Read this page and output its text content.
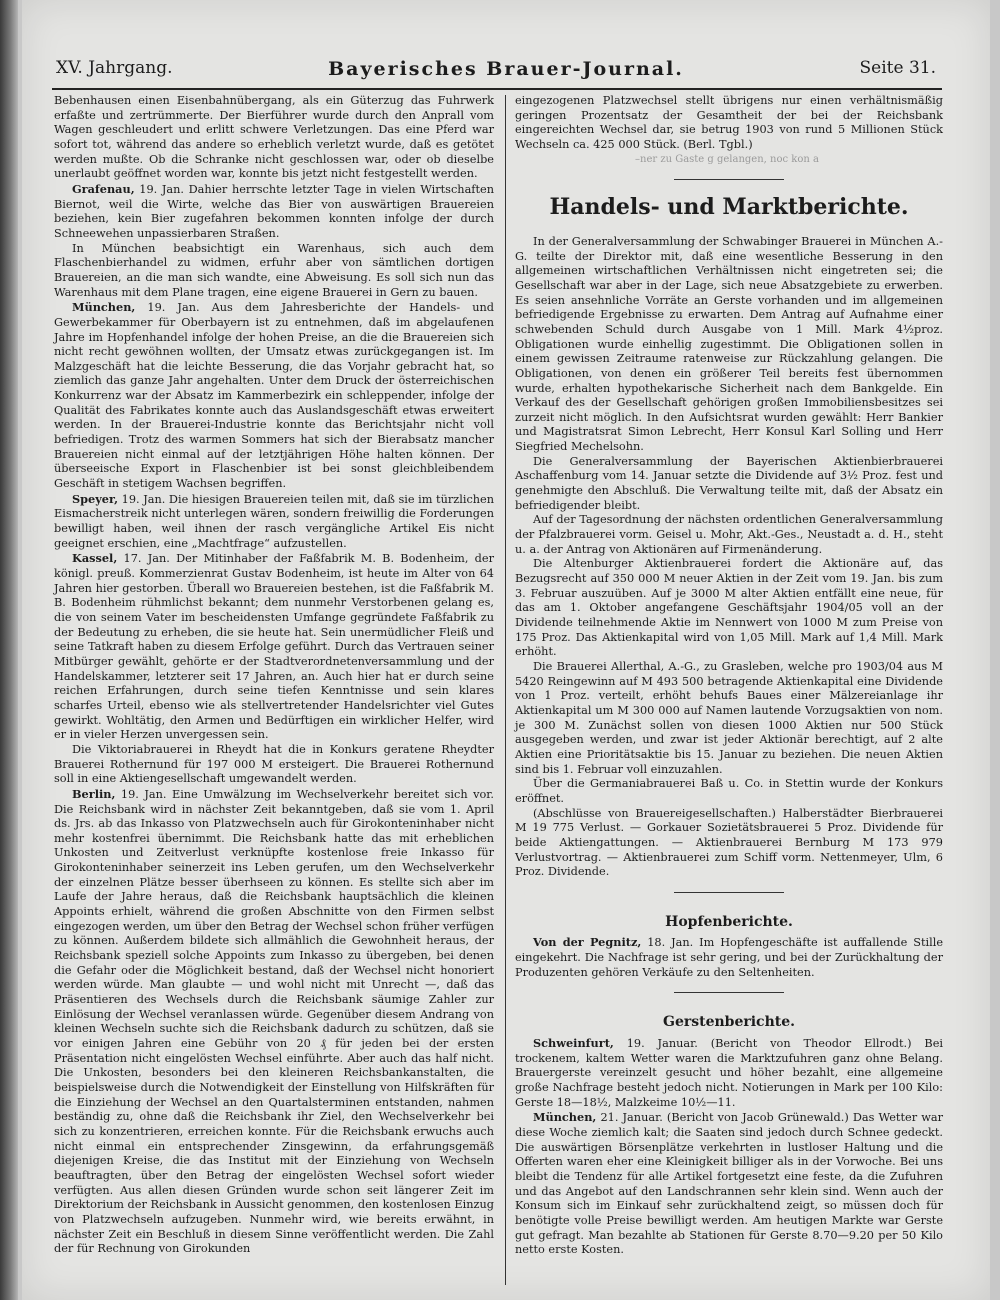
XV. Jahrgang.	Bayerisches Brauer-Journal.	Seite 31.

Bebenhausen einen Eisenbahnübergang, als ein Güterzug das Fuhrwerk erfaßte und zertrümmerte. Der Bierführer wurde durch den Anprall vom Wagen geschleudert und erlitt schwere Verletzungen. Das eine Pferd war sofort tot, während das andere so erheblich verletzt wurde, daß es getötet werden mußte. Ob die Schranke nicht geschlossen war, oder ob dieselbe unerlaubt geöffnet worden war, konnte bis jetzt nicht festgestellt werden.

Grafenau, 19. Jan. Dahier herrschte letzter Tage in vielen Wirtschaften Biernot, weil die Wirte, welche das Bier von auswärtigen Brauereien beziehen, kein Bier zugefahren bekommen konnten infolge der durch Schneewehen unpassierbaren Straßen.

In München beabsichtigt ein Warenhaus, sich auch dem Flaschenbierhandel zu widmen, erfuhr aber von sämtlichen dortigen Brauereien, an die man sich wandte, eine Abweisung. Es soll sich nun das Warenhaus mit dem Plane tragen, eine eigene Brauerei in Gern zu bauen.

München, 19. Jan. Aus dem Jahresberichte der Handels- und Gewerbekammer für Oberbayern ist zu entnehmen, daß im abgelaufenen Jahre im Hopfenhandel infolge der hohen Preise, an die die Brauereien sich nicht recht gewöhnen wollten, der Umsatz etwas zurückgegangen ist. Im Malzgeschäft hat die leichte Besserung, die das Vorjahr gebracht hat, so ziemlich das ganze Jahr angehalten. Unter dem Druck der österreichischen Konkurrenz war der Absatz im Kammerbezirk ein schleppender, infolge der Qualität des Fabrikates konnte auch das Auslandsgeschäft etwas erweitert werden. In der Brauerei-Industrie konnte das Berichtsjahr nicht voll befriedigen. Trotz des warmen Sommers hat sich der Bierabsatz mancher Brauereien nicht einmal auf der letztjährigen Höhe halten können. Der überseeische Export in Flaschenbier ist bei sonst gleichbleibendem Geschäft in stetigem Wachsen begriffen.

Speyer, 19. Jan. Die hiesigen Brauereien teilen mit, daß sie im türzlichen Eismacherstreik nicht unterlegen wären, sondern freiwillig die Forderungen bewilligt haben, weil ihnen der rasch vergängliche Artikel Eis nicht geeignet erschien, eine „Machtfrage“ aufzustellen.

Kassel, 17. Jan. Der Mitinhaber der Faßfabrik M. B. Bodenheim, der königl. preuß. Kommerzienrat Gustav Bodenheim, ist heute im Alter von 64 Jahren hier gestorben. Überall wo Brauereien bestehen, ist die Faßfabrik M. B. Bodenheim rühmlichst bekannt; dem nunmehr Verstorbenen gelang es, die von seinem Vater im bescheidensten Umfange gegründete Faßfabrik zu der Bedeutung zu erheben, die sie heute hat. Sein unermüdlicher Fleiß und seine Tatkraft haben zu diesem Erfolge geführt. Durch das Vertrauen seiner Mitbürger gewählt, gehörte er der Stadtverordnetenversammlung und der Handelskammer, letzterer seit 17 Jahren, an. Auch hier hat er durch seine reichen Erfahrungen, durch seine tiefen Kenntnisse und sein klares scharfes Urteil, ebenso wie als stellvertretender Handelsrichter viel Gutes gewirkt. Wohltätig, den Armen und Bedürftigen ein wirklicher Helfer, wird er in vieler Herzen unvergessen sein.

Die Viktoriabrauerei in Rheydt hat die in Konkurs geratene Rheydter Brauerei Rothernund für 197 000 M ersteigert. Die Brauerei Rothernund soll in eine Aktiengesellschaft umgewandelt werden.

Berlin, 19. Jan. Eine Umwälzung im Wechselverkehr bereitet sich vor. Die Reichsbank wird in nächster Zeit bekanntgeben, daß sie vom 1. April ds. Jrs. ab das Inkasso von Platzwechseln auch für Girokonteninhaber nicht mehr kostenfrei übernimmt. Die Reichsbank hatte das mit erheblichen Unkosten und Zeitverlust verknüpfte kostenlose freie Inkasso für Girokonteninhaber seinerzeit ins Leben gerufen, um den Wechselverkehr der einzelnen Plätze besser überhseen zu können. Es stellte sich aber im Laufe der Jahre heraus, daß die Reichsbank hauptsächlich die kleinen Appoints erhielt, während die großen Abschnitte von den Firmen selbst eingezogen werden, um über den Betrag der Wechsel schon früher verfügen zu können. Außerdem bildete sich allmählich die Gewohnheit heraus, der Reichsbank speziell solche Appoints zum Inkasso zu übergeben, bei denen die Gefahr oder die Möglichkeit bestand, daß der Wechsel nicht honoriert werden würde. Man glaubte — und wohl nicht mit Unrecht —, daß das Präsentieren des Wechsels durch die Reichsbank säumige Zahler zur Einlösung der Wechsel veranlassen würde. Gegenüber diesem Andrang von kleinen Wechseln suchte sich die Reichsbank dadurch zu schützen, daß sie vor einigen Jahren eine Gebühr von 20 ₰ für jeden bei der ersten Präsentation nicht eingelösten Wechsel einführte. Aber auch das half nicht. Die Unkosten, besonders bei den kleineren Reichsbankanstalten, die beispielsweise durch die Notwendigkeit der Einstellung von Hilfskräften für die Einziehung der Wechsel an den Quartalsterminen entstanden, nahmen beständig zu, ohne daß die Reichsbank ihr Ziel, den Wechselverkehr bei sich zu konzentrieren, erreichen konnte. Für die Reichsbank erwuchs auch nicht einmal ein entsprechender Zinsgewinn, da erfahrungsgemäß diejenigen Kreise, die das Institut mit der Einziehung von Wechseln beauftragten, über den Betrag der eingelösten Wechsel sofort wieder verfügten. Aus allen diesen Gründen wurde schon seit längerer Zeit im Direktorium der Reichsbank in Aussicht genommen, den kostenlosen Einzug von Platzwechseln aufzugeben. Nunmehr wird, wie bereits erwähnt, in nächster Zeit ein Beschluß in diesem Sinne veröffentlicht werden. Die Zahl der für Rechnung von Girokunden

eingezogenen Platzwechsel stellt übrigens nur einen verhältnismäßig geringen Prozentsatz der Gesamtheit der bei der Reichsbank eingereichten Wechsel dar, sie betrug 1903 von rund 5 Millionen Stück Wechseln ca. 425 000 Stück. (Berl. Tgbl.)

–ner zu Gaste g gelangen, noc kon a

Handels- und Marktberichte.

In der Generalversammlung der Schwabinger Brauerei in München A.-G. teilte der Direktor mit, daß eine wesentliche Besserung in den allgemeinen wirtschaftlichen Verhältnissen nicht eingetreten sei; die Gesellschaft war aber in der Lage, sich neue Absatzgebiete zu erwerben. Es seien ansehnliche Vorräte an Gerste vorhanden und im allgemeinen befriedigende Ergebnisse zu erwarten. Dem Antrag auf Aufnahme einer schwebenden Schuld durch Ausgabe von 1 Mill. Mark 4½proz. Obligationen wurde einhellig zugestimmt. Die Obligationen sollen in einem gewissen Zeitraume ratenweise zur Rückzahlung gelangen. Die Obligationen, von denen ein größerer Teil bereits fest übernommen wurde, erhalten hypothekarische Sicherheit nach dem Bankgelde. Ein Verkauf des der Gesellschaft gehörigen großen Immobiliensbesitzes sei zurzeit nicht möglich. In den Aufsichtsrat wurden gewählt: Herr Bankier und Magistratsrat Simon Lebrecht, Herr Konsul Karl Solling und Herr Siegfried Mechelsohn.

Die Generalversammlung der Bayerischen Aktienbierbrauerei Aschaffenburg vom 14. Januar setzte die Dividende auf 3½ Proz. fest und genehmigte den Abschluß. Die Verwaltung teilte mit, daß der Absatz ein befriedigender bleibt.

Auf der Tagesordnung der nächsten ordentlichen Generalversammlung der Pfalzbrauerei vorm. Geisel u. Mohr, Akt.-Ges., Neustadt a. d. H., steht u. a. der Antrag von Aktionären auf Firmenänderung.

Die Altenburger Aktienbrauerei fordert die Aktionäre auf, das Bezugsrecht auf 350 000 M neuer Aktien in der Zeit vom 19. Jan. bis zum 3. Februar auszuüben. Auf je 3000 M alter Aktien entfällt eine neue, für das am 1. Oktober angefangene Geschäftsjahr 1904/05 voll an der Dividende teilnehmende Aktie im Nennwert von 1000 M zum Preise von 175 Proz. Das Aktienkapital wird von 1,05 Mill. Mark auf 1,4 Mill. Mark erhöht.

Die Brauerei Allerthal, A.-G., zu Grasleben, welche pro 1903/04 aus M 5420 Reingewinn auf M 493 500 betragende Aktienkapital eine Dividende von 1 Proz. verteilt, erhöht behufs Baues einer Mälzereianlage ihr Aktienkapital um M 300 000 auf Namen lautende Vorzugsaktien von nom. je 300 M. Zunächst sollen von diesen 1000 Aktien nur 500 Stück ausgegeben werden, und zwar ist jeder Aktionär berechtigt, auf 2 alte Aktien eine Prioritätsaktie bis 15. Januar zu beziehen. Die neuen Aktien sind bis 1. Februar voll einzuzahlen.

Über die Germaniabrauerei Baß u. Co. in Stettin wurde der Konkurs eröffnet.

(Abschlüsse von Brauereigesellschaften.) Halberstädter Bierbrauerei M 19 775 Verlust. — Gorkauer Sozietätsbrauerei 5 Proz. Dividende für beide Aktiengattungen. — Aktienbrauerei Bernburg M 173 979 Verlustvortrag. — Aktienbrauerei zum Schiff vorm. Nettenmeyer, Ulm, 6 Proz. Dividende.

Hopfenberichte.

Von der Pegnitz, 18. Jan. Im Hopfengeschäfte ist auffallende Stille eingekehrt. Die Nachfrage ist sehr gering, und bei der Zurückhaltung der Produzenten gehören Verkäufe zu den Seltenheiten.

Gerstenberichte.

Schweinfurt, 19. Januar. (Bericht von Theodor Ellrodt.) Bei trockenem, kaltem Wetter waren die Marktzufuhren ganz ohne Belang. Brauergerste vereinzelt gesucht und höher bezahlt, eine allgemeine große Nachfrage besteht jedoch nicht. Notierungen in Mark per 100 Kilo: Gerste 18—18½, Malzkeime 10½—11.

München, 21. Januar. (Bericht von Jacob Grünewald.) Das Wetter war diese Woche ziemlich kalt; die Saaten sind jedoch durch Schnee gedeckt. Die auswärtigen Börsenplätze verkehrten in lustloser Haltung und die Offerten waren eher eine Kleinigkeit billiger als in der Vorwoche. Bei uns bleibt die Tendenz für alle Artikel fortgesetzt eine feste, da die Zufuhren und das Angebot auf den Landschrannen sehr klein sind. Wenn auch der Konsum sich im Einkauf sehr zurückhaltend zeigt, so müssen doch für benötigte volle Preise bewilligt werden. Am heutigen Markte war Gerste gut gefragt. Man bezahlte ab Stationen für Gerste 8.70—9.20 per 50 Kilo netto erste Kosten.
